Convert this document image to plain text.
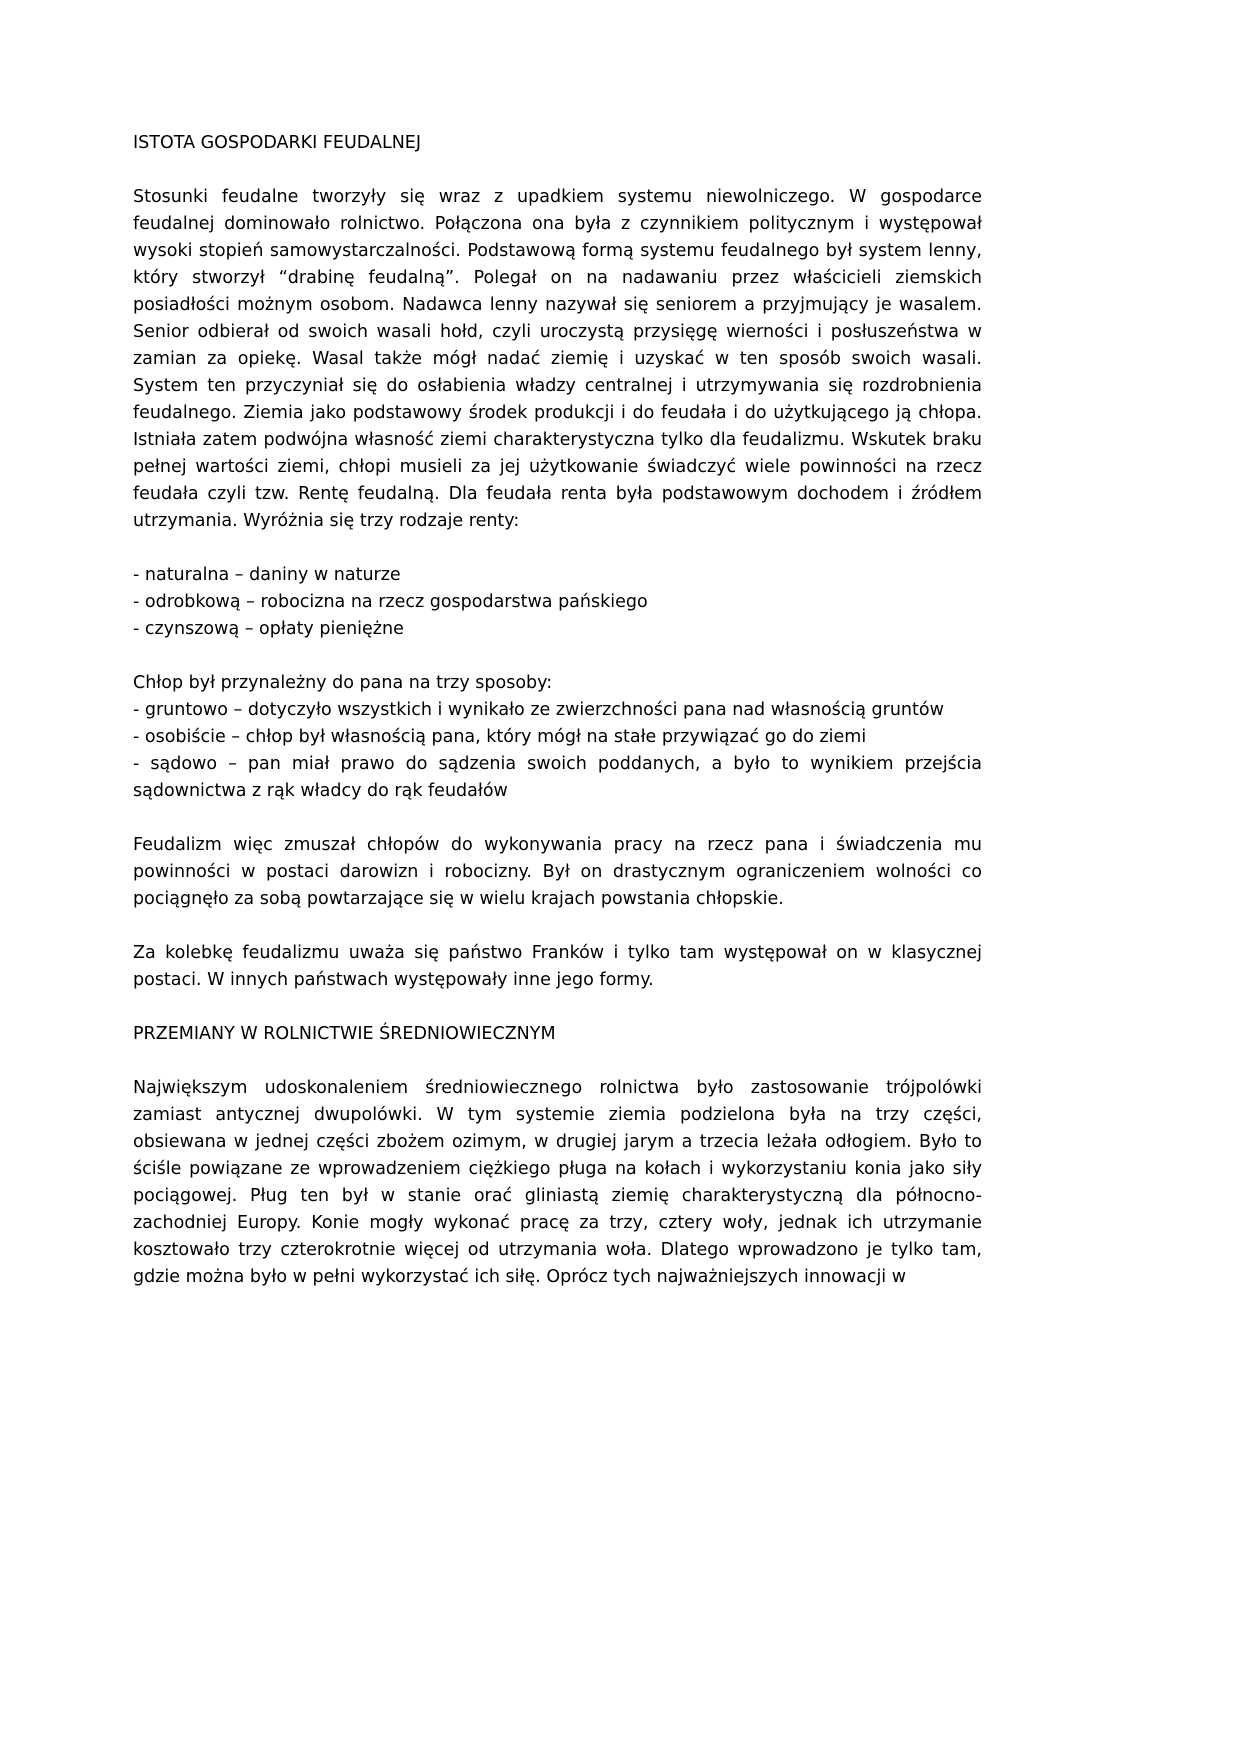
ISTOTA GOSPODARKI FEUDALNEJ

Stosunki feudalne tworzyły się wraz z upadkiem systemu niewolniczego. W gospodarce feudalnej dominowało rolnictwo. Połączona ona była z czynnikiem politycznym i występował wysoki stopień samowystarczalności. Podstawową formą systemu feudalnego był system lenny, który stworzył “drabinę feudalną”. Polegał on na nadawaniu przez właścicieli ziemskich posiadłości możnym osobom. Nadawca lenny nazywał się seniorem a przyjmujący je wasalem. Senior odbierał od swoich wasali hołd, czyli uroczystą przysięgę wierności i posłuszeństwa w zamian za opiekę. Wasal także mógł nadać ziemię i uzyskać w ten sposób swoich wasali. System ten przyczyniał się do osłabienia władzy centralnej i utrzymywania się rozdrobnienia feudalnego. Ziemia jako podstawowy środek produkcji i do feudała i do użytkującego ją chłopa. Istniała zatem podwójna własność ziemi charakterystyczna tylko dla feudalizmu. Wskutek braku pełnej wartości ziemi, chłopi musieli za jej użytkowanie świadczyć wiele powinności na rzecz feudała czyli tzw. Rentę feudalną. Dla feudała renta była podstawowym dochodem i źródłem utrzymania. Wyróżnia się trzy rodzaje renty:

- naturalna – daniny w naturze

- odrobkową – robocizna na rzecz gospodarstwa pańskiego

- czynszową – opłaty pieniężne

Chłop był przynależny do pana na trzy sposoby:

- gruntowo – dotyczyło wszystkich i wynikało ze zwierzchności pana nad własnością gruntów

- osobiście – chłop był własnością pana, który mógł na stałe przywiązać go do ziemi

- sądowo – pan miał prawo do sądzenia swoich poddanych, a było to wynikiem przejścia sądownictwa z rąk władcy do rąk feudałów

Feudalizm więc zmuszał chłopów do wykonywania pracy na rzecz pana i świadczenia mu powinności w postaci darowizn i robocizny. Był on drastycznym ograniczeniem wolności co pociągnęło za sobą powtarzające się w wielu krajach powstania chłopskie.

Za kolebkę feudalizmu uważa się państwo Franków i tylko tam występował on w klasycznej postaci. W innych państwach występowały inne jego formy.

PRZEMIANY W ROLNICTWIE ŚREDNIOWIECZNYM

Największym udoskonaleniem średniowiecznego rolnictwa było zastosowanie trójpolówki zamiast antycznej dwupolówki. W tym systemie ziemia podzielona była na trzy części, obsiewana w jednej części zbożem ozimym, w drugiej jarym a trzecia leżała odłogiem. Było to ściśle powiązane ze wprowadzeniem ciężkiego pługa na kołach i wykorzystaniu konia jako siły pociągowej. Pług ten był w stanie orać gliniastą ziemię charakterystyczną dla północno-zachodniej Europy. Konie mogły wykonać pracę za trzy, cztery woły, jednak ich utrzymanie kosztowało trzy czterokrotnie więcej od utrzymania woła. Dlatego wprowadzono je tylko tam, gdzie można było w pełni wykorzystać ich siłę. Oprócz tych najważniejszych innowacji w
